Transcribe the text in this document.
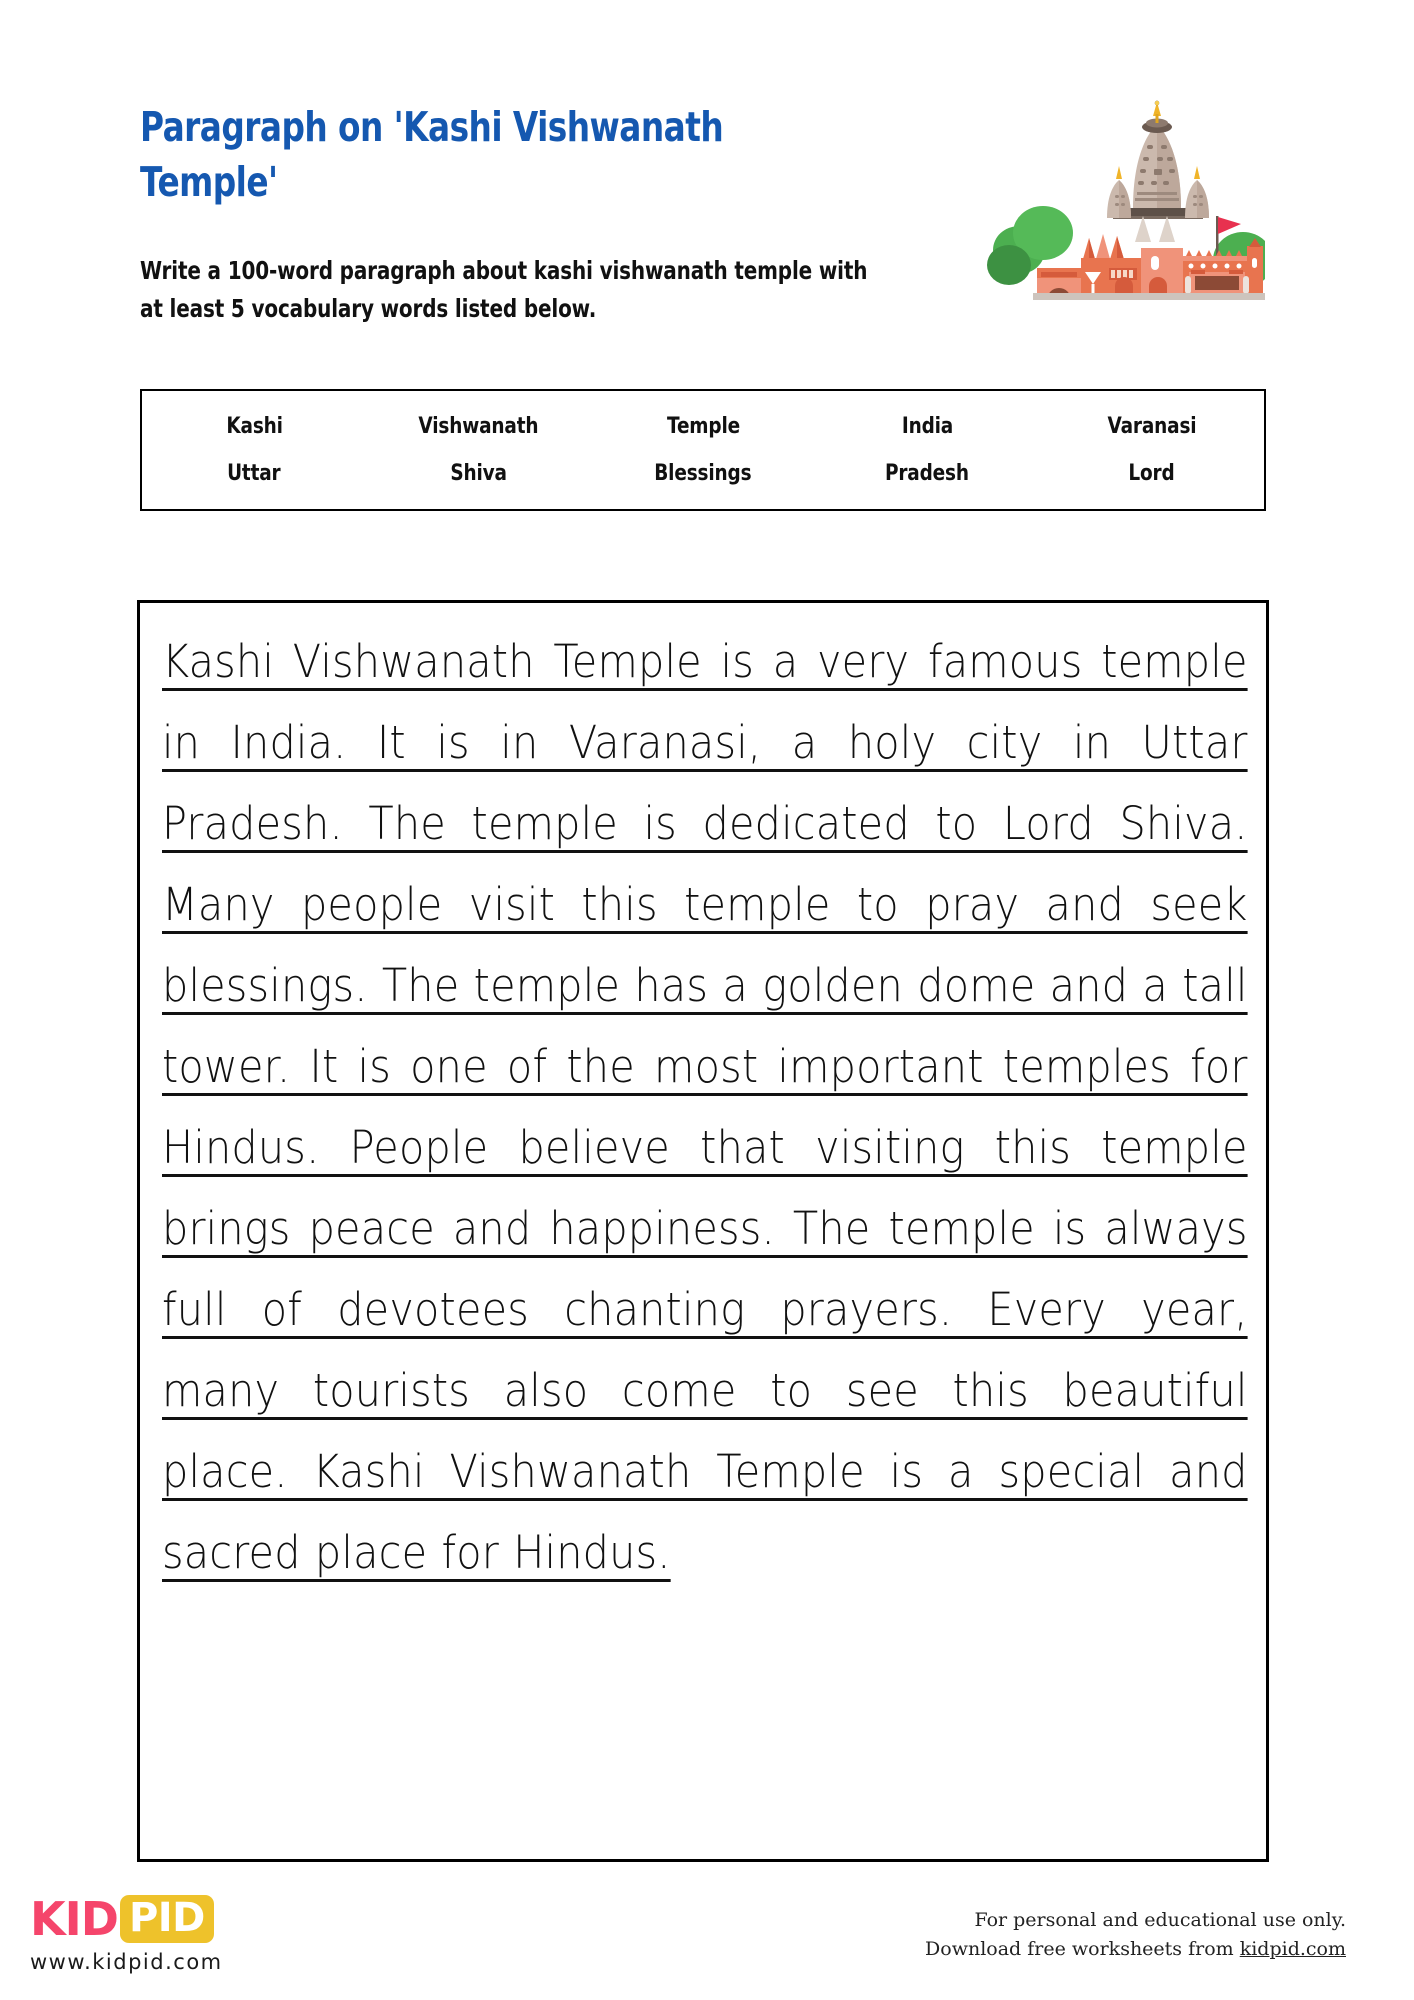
Paragraph on 'Kashi Vishwanath Temple'
Write a 100-word paragraph about kashi vishwanath temple with at least 5 vocabulary words listed below.
Kashi	Vishwanath	Temple	India	Varanasi
Uttar	Shiva	Blessings	Pradesh	Lord
Kashi Vishwanath Temple is a very famous temple in India. It is in Varanasi, a holy city in Uttar Pradesh. The temple is dedicated to Lord Shiva. Many people visit this temple to pray and seek blessings. The temple has a golden dome and a tall tower. It is one of the most important temples for Hindus. People believe that visiting this temple brings peace and happiness. The temple is always full of devotees chanting prayers. Every year, many tourists also come to see this beautiful place. Kashi Vishwanath Temple is a special and sacred place for Hindus.
KID PID
www.kidpid.com
For personal and educational use only.
Download free worksheets from kidpid.com
